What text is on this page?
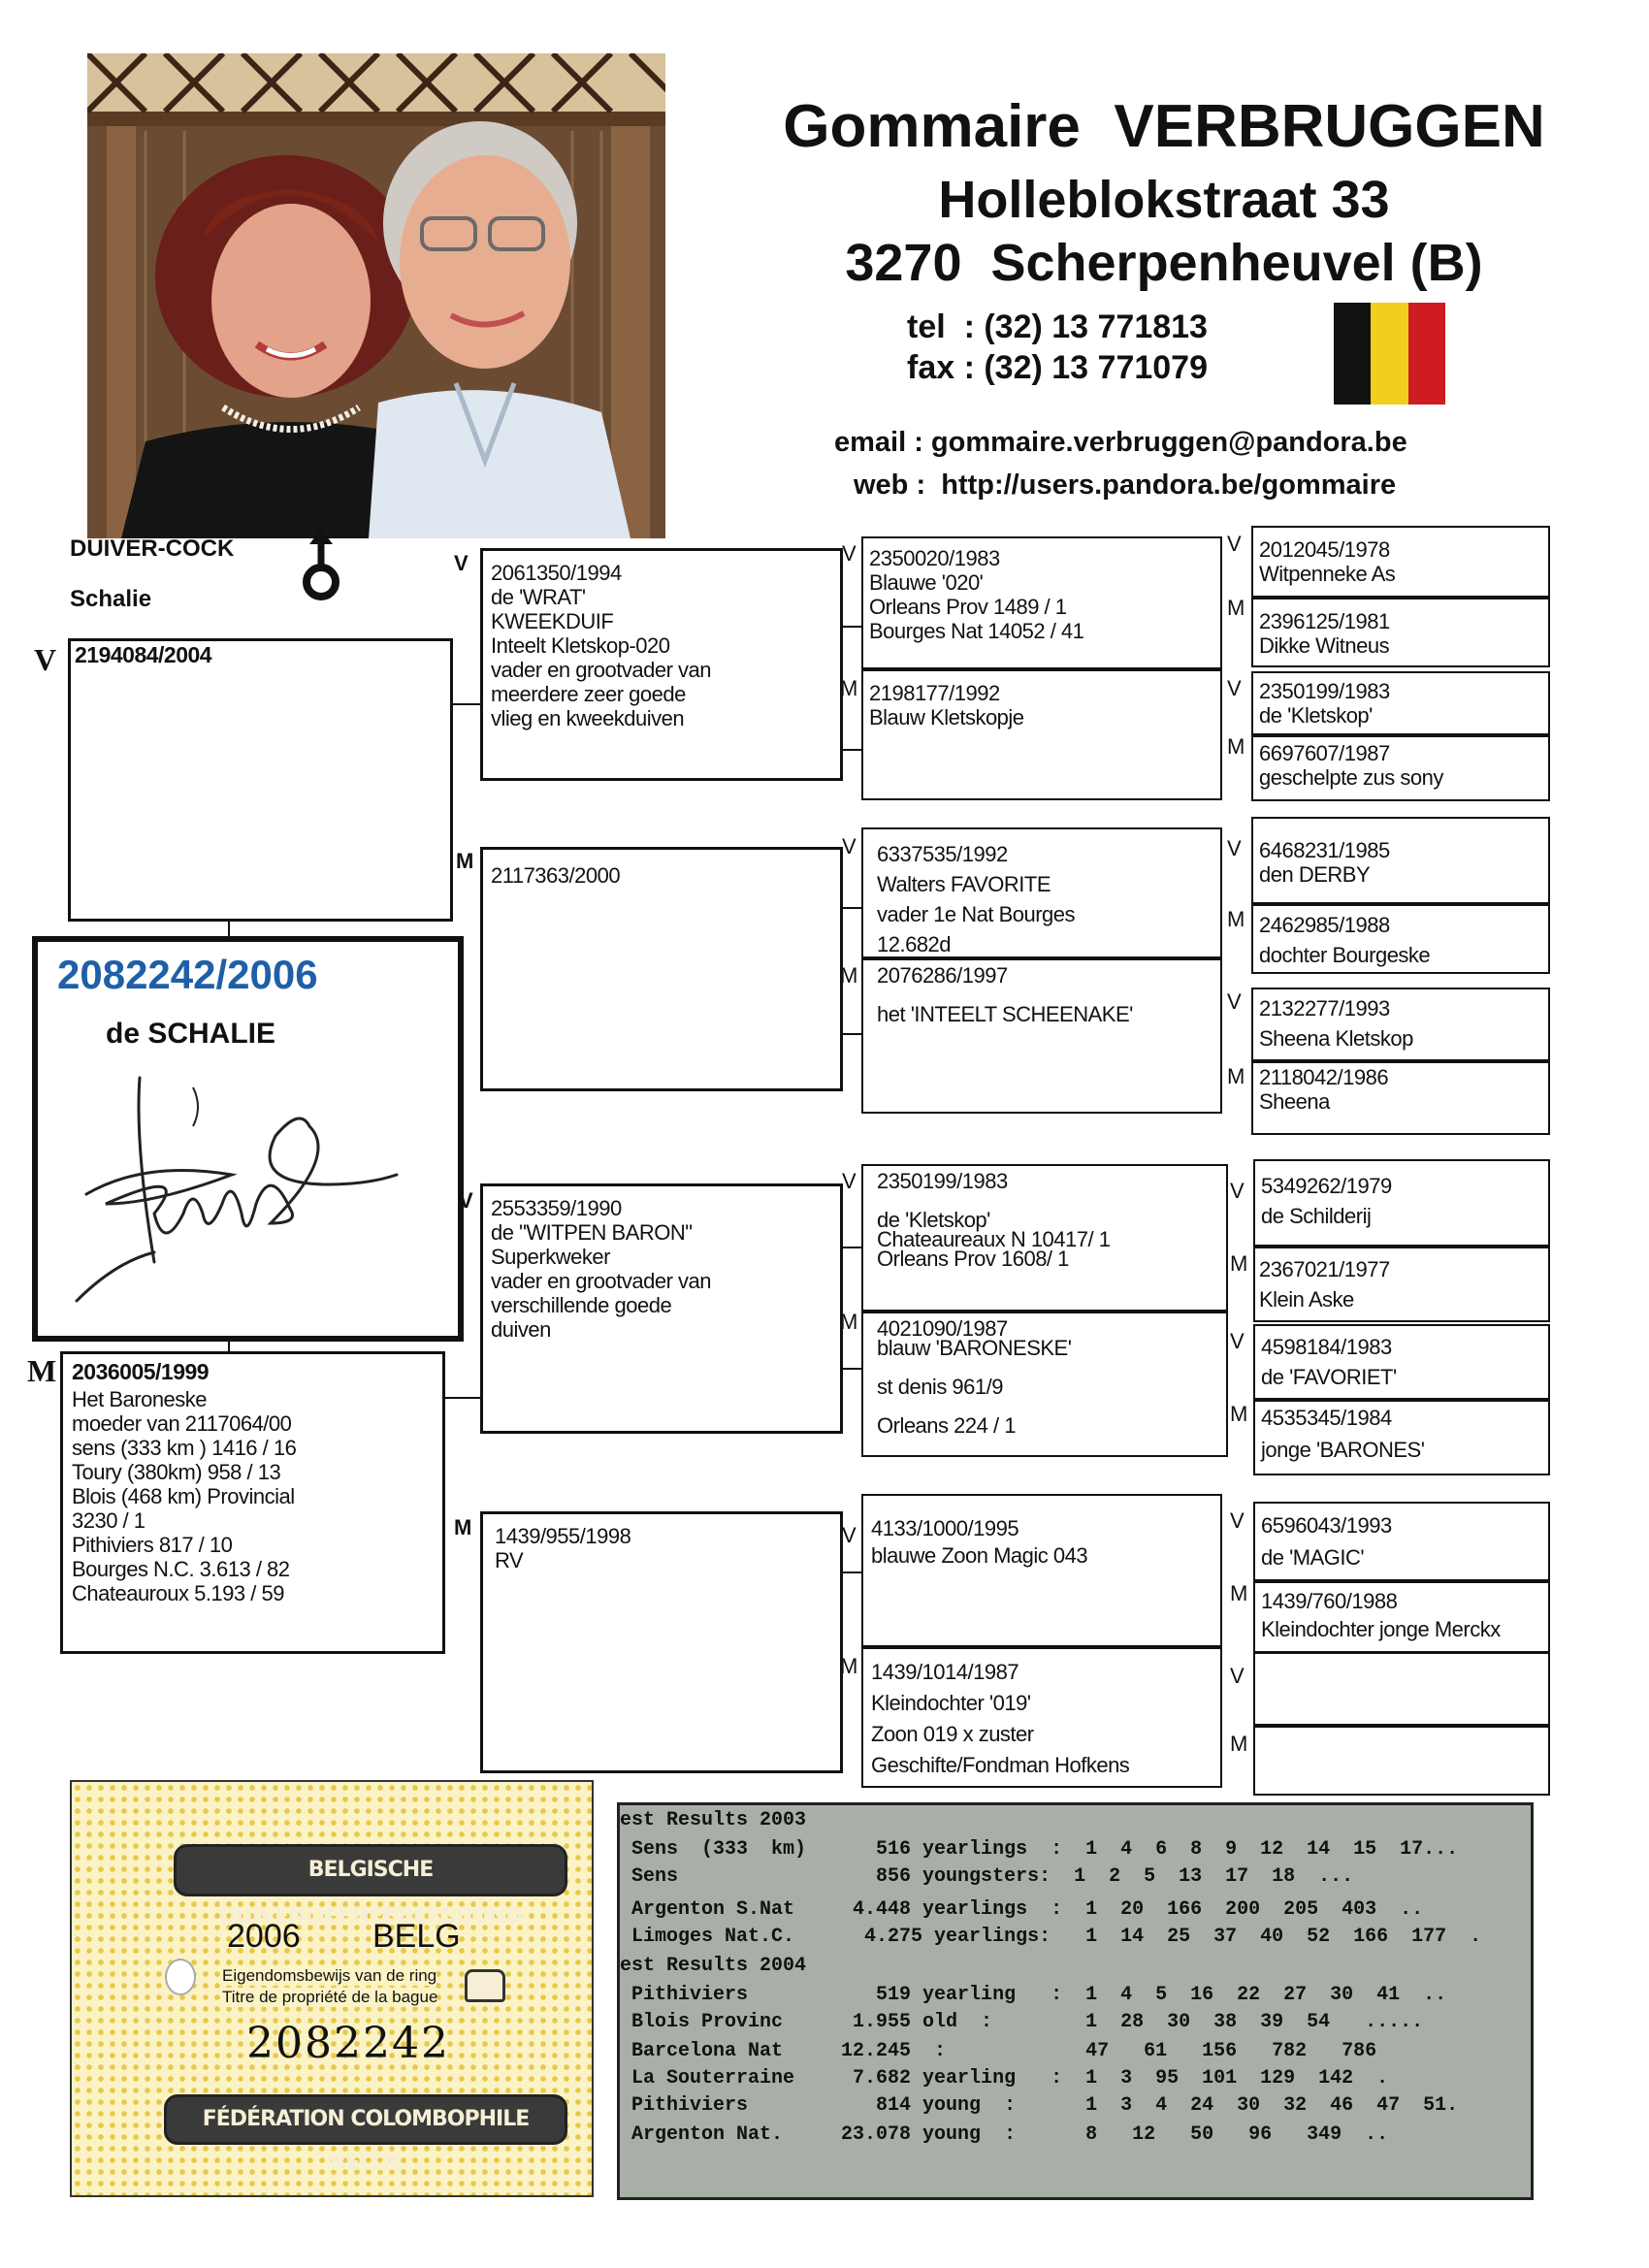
Gommaire  VERBRUGGEN
Holleblokstraat 33
3270  Scherpenheuvel (B)
tel  : (32) 13 771813
fax : (32) 13 771079
email : gommaire.verbruggen@pandora.be
web :  http://users.pandora.be/gommaire
DUIVER-COCK
Schalie
V 2194084/2004
2082242/2006
de SCHALIE
M 2036005/1999
Het Baroneske
moeder van 2117064/00
sens (333 km ) 1416 / 16
Toury (380km) 958 / 13
Blois (468 km) Provincial
3230 / 1
Pithiviers 817 / 10
Bourges N.C. 3.613 / 82
Chateauroux 5.193 / 59
V 2061350/1994
de 'WRAT'
KWEEKDUIF
Inteelt Kletskop-020
vader en grootvader van
meerdere zeer goede
vlieg en kweekduiven
M
2117363/2000
V 2553359/1990
de "WITPEN BARON"
Superkweker
vader en grootvader van
verschillende goede
duiven
M 1439/955/1998
RV
V 2350020/1983
Blauwe '020'
Orleans Prov 1489 / 1
Bourges Nat 14052 / 41
M 2198177/1992
Blauw Kletskopje
V 6337535/1992
Walters FAVORITE
vader 1e Nat Bourges
12.682d
M 2076286/1997

het 'INTEELT SCHEENAKE'
V 2350199/1983

de 'Kletskop'
Chateaureaux N 10417/ 1
Orleans Prov 1608/ 1
M 4021090/1987
blauw 'BARONESKE'

st denis 961/9

Orleans 224 / 1
V 4133/1000/1995
blauwe Zoon Magic 043
M 1439/1014/1987
Kleindochter '019'
Zoon 019 x zuster
Geschifte/Fondman Hofkens
V 2012045/1978
Witpenneke As
M
2396125/1981
Dikke Witneus
V 2350199/1983
de 'Kletskop'
M 6697607/1987
geschelpte zus sony
V 6468231/1985
den DERBY
M 2462985/1988
dochter Bourgeske
V 2132277/1993
Sheena Kletskop
M 2118042/1986
Sheena
V 5349262/1979
de Schilderij
M 2367021/1977
Klein Aske
V 4598184/1983
de 'FAVORIET'
M 4535345/1984
jonge 'BARONES'
V 6596043/1993
de 'MAGIC'
M 1439/760/1988
Kleindochter jonge Merckx
V
M
BELGISCHE DUIVENLIEFHEBBERSBOND
2006 BELG
Eigendomsbewijs van de ring
Titre de propriété de la bague
2082242
FÉDÉRATION COLOMBOPHILE BELGE
est Results 2003
Sens  (333  km)      516 yearlings  :  1  4  6  8  9  12  14  15  17...
Sens                 856 youngsters:  1  2  5  13  17  18  ...
Argenton S.Nat     4.448 yearlings  :  1  20  166  200  205  403  ..
Limoges Nat.C.      4.275 yearlings:   1  14  25  37  40  52  166  177  .
est Results 2004
Pithiviers           519 yearling   :  1  4  5  16  22  27  30  41  ..
Blois Provinc      1.955 old  :        1  28  30  38  39  54   .....
Barcelona Nat     12.245  :            47   61   156   782   786
La Souterraine     7.682 yearling   :  1  3  95  101  129  142  .
Pithiviers           814 young  :      1  3  4  24  30  32  46  47  51.
Argenton Nat.     23.078 young  :      8   12   50   96   349  ..
